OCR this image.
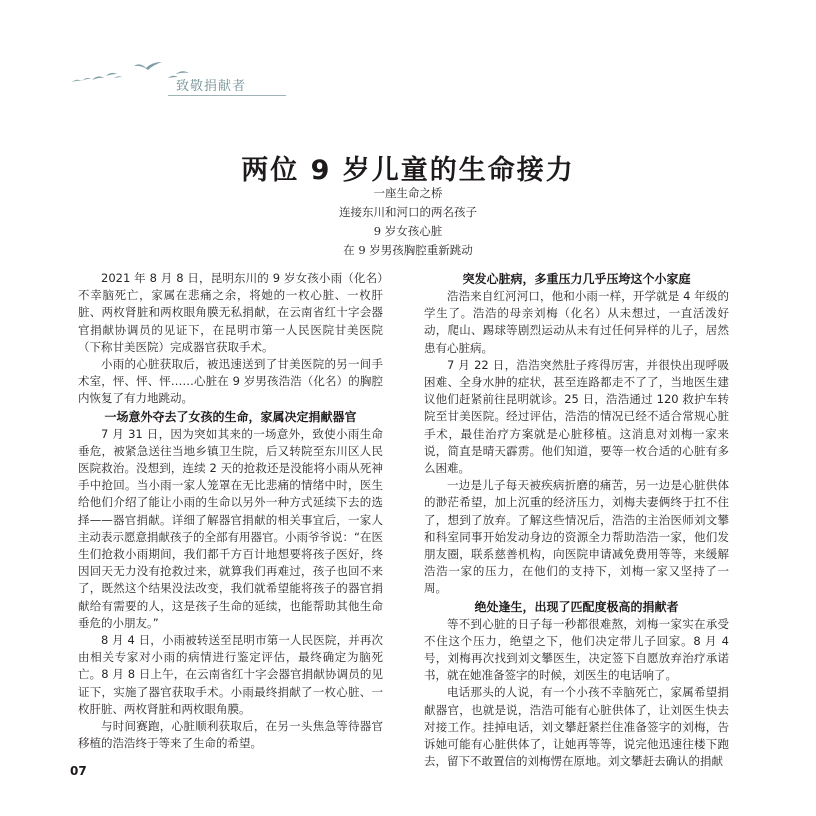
致敬捐献者
两位 9 岁儿童的生命接力
一座生命之桥
连接东川和河口的两名孩子
9 岁女孩心脏
在 9 岁男孩胸腔重新跳动

2021 年 8 月 8 日，昆明东川的 9 岁女孩小雨（化名）不幸脑死亡，家属在悲痛之余，将她的一枚心脏、一枚肝脏、两枚肾脏和两枚眼角膜无私捐献，在云南省红十字会器官捐献协调员的见证下，在昆明市第一人民医院甘美医院（下称甘美医院）完成器官获取手术。

小雨的心脏获取后，被迅速送到了甘美医院的另一间手术室，怦、怦、怦……心脏在 9 岁男孩浩浩（化名）的胸腔内恢复了有力地跳动。

一场意外夺去了女孩的生命，家属决定捐献器官

7 月 31 日，因为突如其来的一场意外，致使小雨生命垂危，被紧急送往当地乡镇卫生院，后又转院至东川区人民医院救治。没想到，连续 2 天的抢救还是没能将小雨从死神手中抢回。当小雨一家人笼罩在无比悲痛的情绪中时，医生给他们介绍了能让小雨的生命以另外一种方式延续下去的选择——器官捐献。详细了解器官捐献的相关事宜后，一家人主动表示愿意捐献孩子的全部有用器官。小雨爷爷说：“在医生们抢救小雨期间，我们都千方百计地想要将孩子医好，终因回天无力没有抢救过来，就算我们再难过，孩子也回不来了，既然这个结果没法改变，我们就希望能将孩子的器官捐献给有需要的人，这是孩子生命的延续，也能帮助其他生命垂危的小朋友。”

8 月 4 日，小雨被转送至昆明市第一人民医院，并再次由相关专家对小雨的病情进行鉴定评估，最终确定为脑死亡。8 月 8 日上午，在云南省红十字会器官捐献协调员的见证下，实施了器官获取手术。小雨最终捐献了一枚心脏、一枚肝脏、两枚肾脏和两枚眼角膜。

与时间赛跑，心脏顺利获取后，在另一头焦急等待器官移植的浩浩终于等来了生命的希望。

突发心脏病，多重压力几乎压垮这个小家庭

浩浩来自红河河口，他和小雨一样，开学就是 4 年级的学生了。浩浩的母亲刘梅（化名）从未想过，一直活泼好动，爬山、踢球等剧烈运动从未有过任何异样的儿子，居然患有心脏病。

7 月 22 日，浩浩突然肚子疼得厉害，并很快出现呼吸困难、全身水肿的症状，甚至连路都走不了了，当地医生建议他们赶紧前往昆明就诊。25 日，浩浩通过 120 救护车转院至甘美医院。经过评估，浩浩的情况已经不适合常规心脏手术，最佳治疗方案就是心脏移植。这消息对刘梅一家来说，简直是晴天霹雳。他们知道，要等一枚合适的心脏有多么困难。

一边是儿子每天被疾病折磨的痛苦，另一边是心脏供体的渺茫希望，加上沉重的经济压力，刘梅夫妻俩终于扛不住了，想到了放弃。了解这些情况后，浩浩的主治医师刘文攀和科室同事开始发动身边的资源全力帮助浩浩一家，他们发朋友圈，联系慈善机构，向医院申请减免费用等等，来缓解浩浩一家的压力，在他们的支持下，刘梅一家又坚持了一周。

绝处逢生，出现了匹配度极高的捐献者

等不到心脏的日子每一秒都很难熬，刘梅一家实在承受不住这个压力，绝望之下，他们决定带儿子回家。8 月 4 号，刘梅再次找到刘文攀医生，决定签下自愿放弃治疗承诺书，就在她准备签字的时候，刘医生的电话响了。

电话那头的人说，有一个小孩不幸脑死亡，家属希望捐献器官，也就是说，浩浩可能有心脏供体了，让刘医生快去对接工作。挂掉电话，刘文攀赶紧拦住准备签字的刘梅，告诉她可能有心脏供体了，让她再等等，说完他迅速往楼下跑去，留下不敢置信的刘梅愣在原地。刘文攀赶去确认的捐献

07
